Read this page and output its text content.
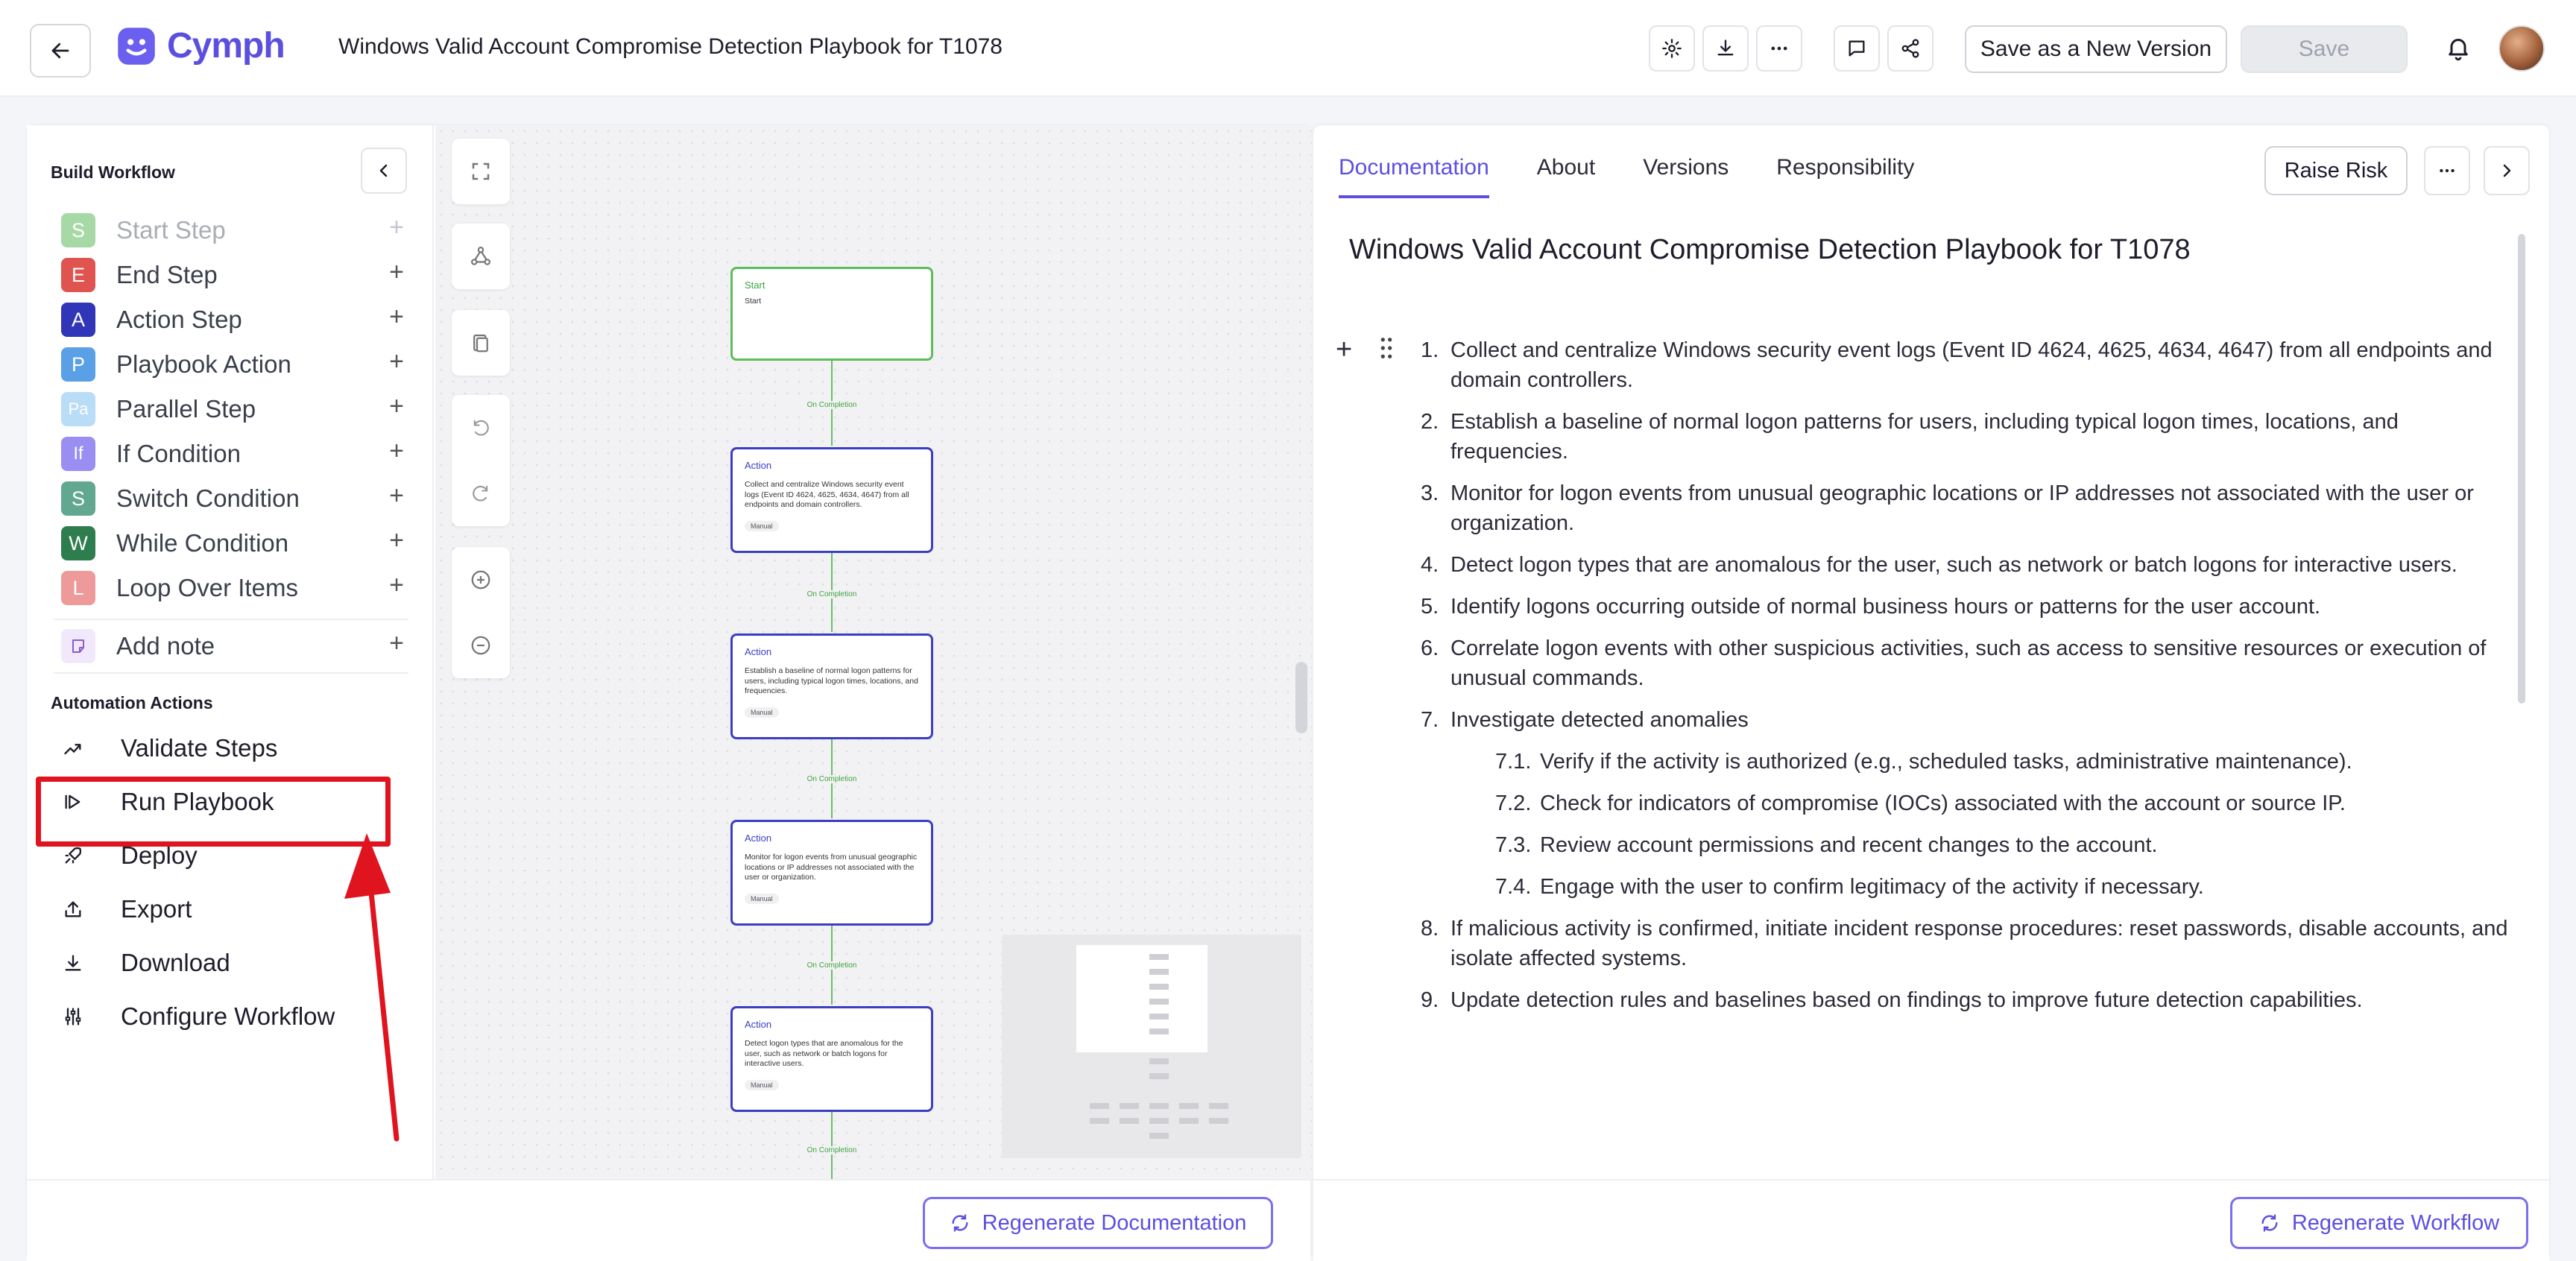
Cymph Windows Valid Account Compromise Detection Playbook for T1078	Save as a New Version	Save
Build Workflow
S	Start Step	+
E	End Step	+
A	Action Step	+
P	Playbook Action	+
Pa Parallel Step	+
If	If Condition	+
S	Switch Condition	+
W	While Condition	+
L	Loop Over Items	+
Add note	+
Automation Actions
Validate Steps
Run Playbook
Deploy
Export
Download
Configure Workflow
On Completion
On Completion
On Completion
On Completion
On Completion
Start
Start
Action
Collect and centralize Windows security event logs (Event ID 4624, 4625, 4634, 4647) from all endpoints and domain controllers.
Manual
Action
Establish a baseline of normal logon patterns for users, including typical logon times, locations, and frequencies.
Manual
Action
Monitor for logon events from unusual geographic locations or IP addresses not associated with the user or organization.
Manual
Action
Detect logon types that are anomalous for the user, such as network or batch logons for interactive users.
Manual
Regenerate Documentation
Documentation About Versions Responsibility	Raise Risk
Windows Valid Account Compromise Detection Playbook for T1078
+	1. Collect and centralize Windows security event logs (Event ID 4624, 4625, 4634, 4647) from all endpoints and domain controllers.
2. Establish a baseline of normal logon patterns for users, including typical logon times, locations, and frequencies.
3. Monitor for logon events from unusual geographic locations or IP addresses not associated with the user or organization.
4. Detect logon types that are anomalous for the user, such as network or batch logons for interactive users.
5. Identify logons occurring outside of normal business hours or patterns for the user account.
6. Correlate logon events with other suspicious activities, such as access to sensitive resources or execution of unusual commands.
7. Investigate detected anomalies
7.1. Verify if the activity is authorized (e.g., scheduled tasks, administrative maintenance).
7.2. Check for indicators of compromise (IOCs) associated with the account or source IP.
7.3. Review account permissions and recent changes to the account.
7.4. Engage with the user to confirm legitimacy of the activity if necessary.
8. If malicious activity is confirmed, initiate incident response procedures: reset passwords, disable accounts, and isolate affected systems.
9. Update detection rules and baselines based on findings to improve future detection capabilities.
Regenerate Workflow
